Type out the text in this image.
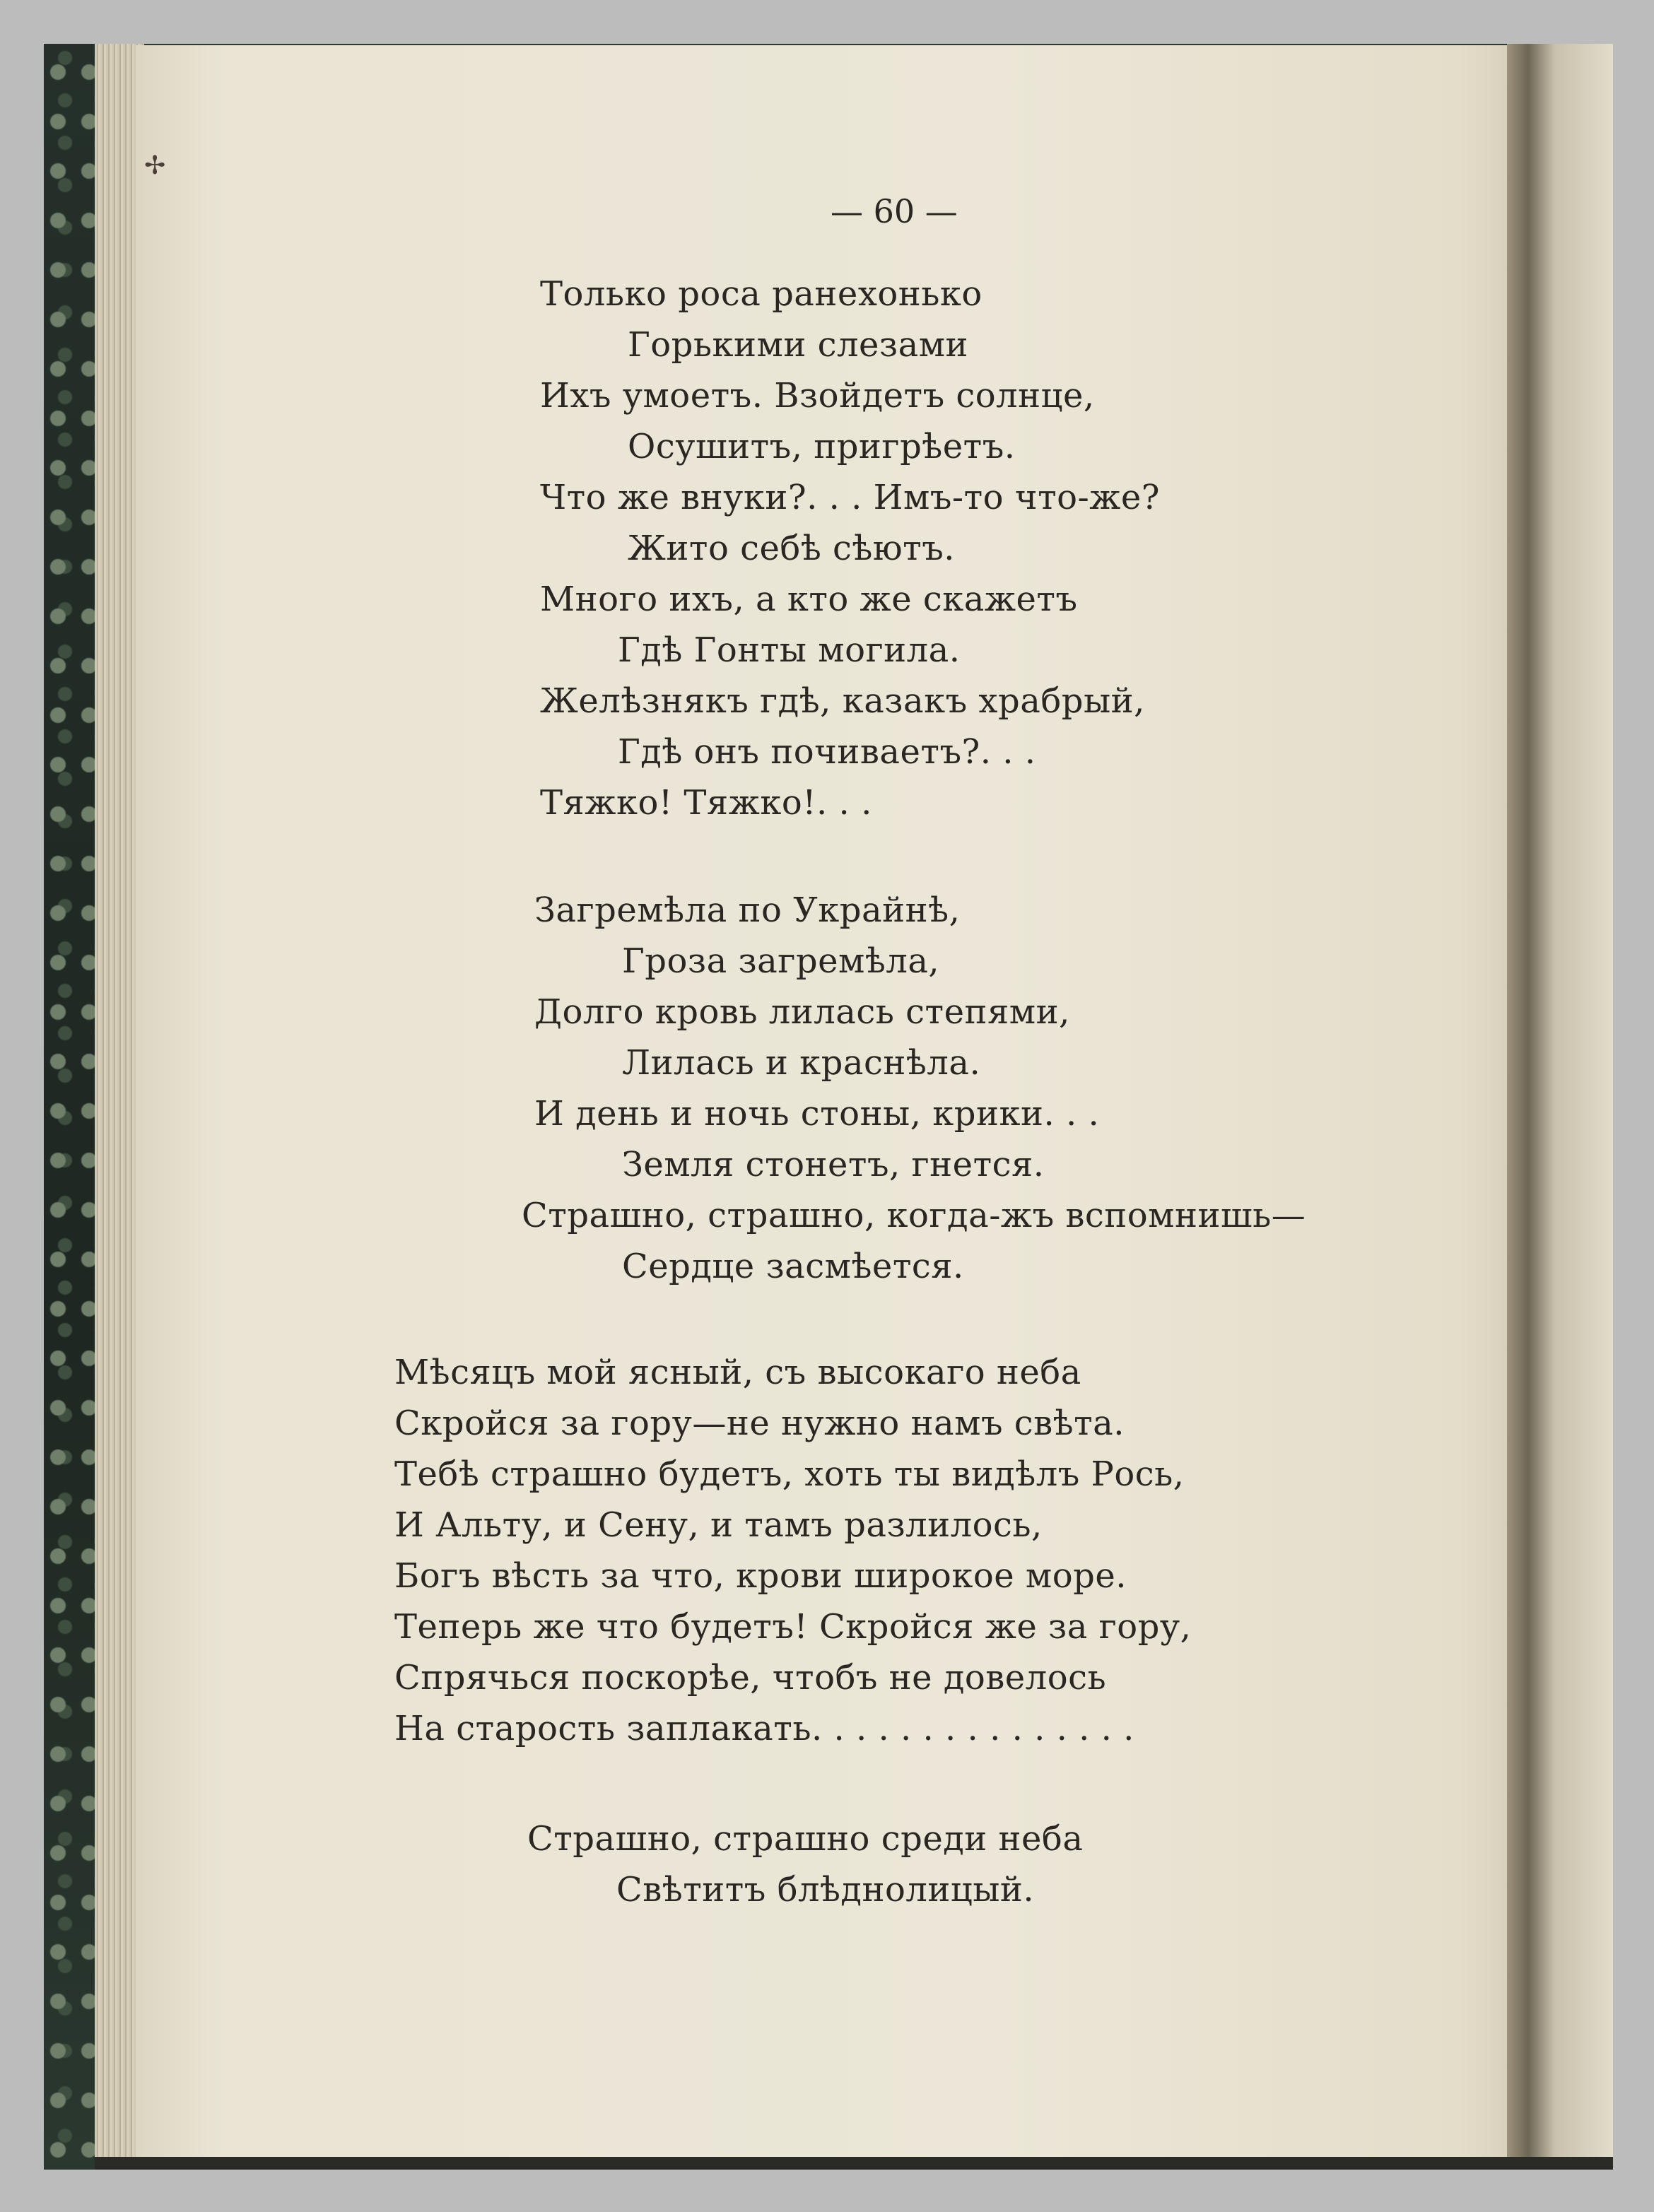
✢
— 60 —
Только роса ранехонько
Горькими слезами
Ихъ умоетъ. Взойдетъ солнце,
Осушитъ, пригрѣетъ.
Что же внуки?. . . Имъ-то что-же?
Жито себѣ сѣютъ.
Много ихъ, а кто же скажетъ
Гдѣ Гонты могила.
Желѣзнякъ гдѣ, казакъ храбрый,
Гдѣ онъ почиваетъ?. . .
Тяжко! Тяжко!. . .
Загремѣла по Украйнѣ,
Гроза загремѣла,
Долго кровь лилась степями,
Лилась и краснѣла.
И день и ночь стоны, крики. . .
Земля стонетъ, гнется.
Страшно, страшно, когда-жъ вспомнишь—
Сердце засмѣется.
Мѣсяцъ мой ясный, съ высокаго неба
Скройся за гору—не нужно намъ свѣта.
Тебѣ страшно будетъ, хоть ты видѣлъ Рось,
И Альту, и Сену, и тамъ разлилось,
Богъ вѣсть за что, крови широкое море.
Теперь же что будетъ! Скройся же за гору,
Спрячься поскорѣе, чтобъ не довелось
На старость заплакать. . . . . . . . . . . . . . .
Страшно, страшно среди неба
Свѣтитъ блѣднолицый.
